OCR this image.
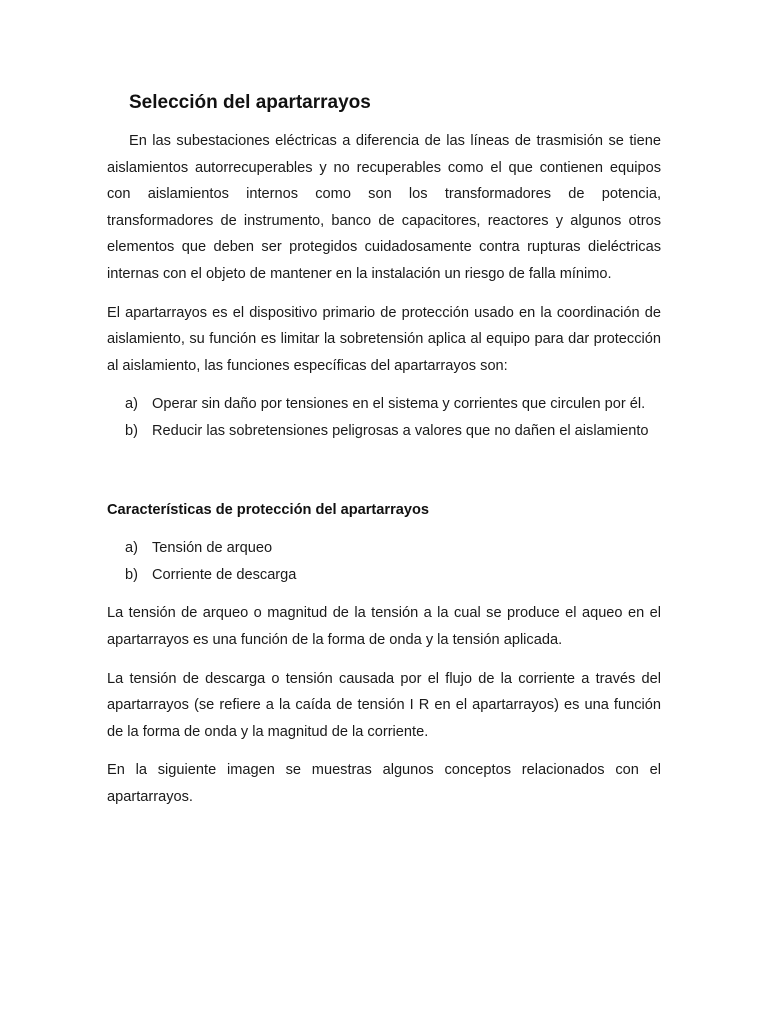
Selección del apartarrayos

En las subestaciones eléctricas a diferencia de las líneas de trasmisión se tiene aislamientos autorrecuperables y no recuperables como el que contienen equipos con aislamientos internos como son los transformadores de potencia, transformadores de instrumento, banco de capacitores, reactores y algunos otros elementos que deben ser protegidos cuidadosamente contra rupturas dieléctricas internas con el objeto de mantener en la instalación un riesgo de falla mínimo.

El apartarrayos es el dispositivo primario de protección usado en la coordinación de aislamiento, su función es limitar la sobretensión aplica al equipo para dar protección al aislamiento, las funciones específicas del apartarrayos son:

a) Operar sin daño por tensiones en el sistema y corrientes que circulen por él.
b) Reducir las sobretensiones peligrosas a valores que no dañen el aislamiento
Características de protección del apartarrayos
a) Tensión de arqueo
b) Corriente de descarga

La tensión de arqueo o magnitud de la tensión a la cual se produce el aqueo en el apartarrayos es una función de la forma de onda y la tensión aplicada.

La tensión de descarga o tensión causada por el flujo de la corriente a través del apartarrayos (se refiere a la caída de tensión I R en el apartarrayos) es una función de la forma de onda y la magnitud de la corriente.

En la siguiente imagen se muestras algunos conceptos relacionados con el apartarrayos.
